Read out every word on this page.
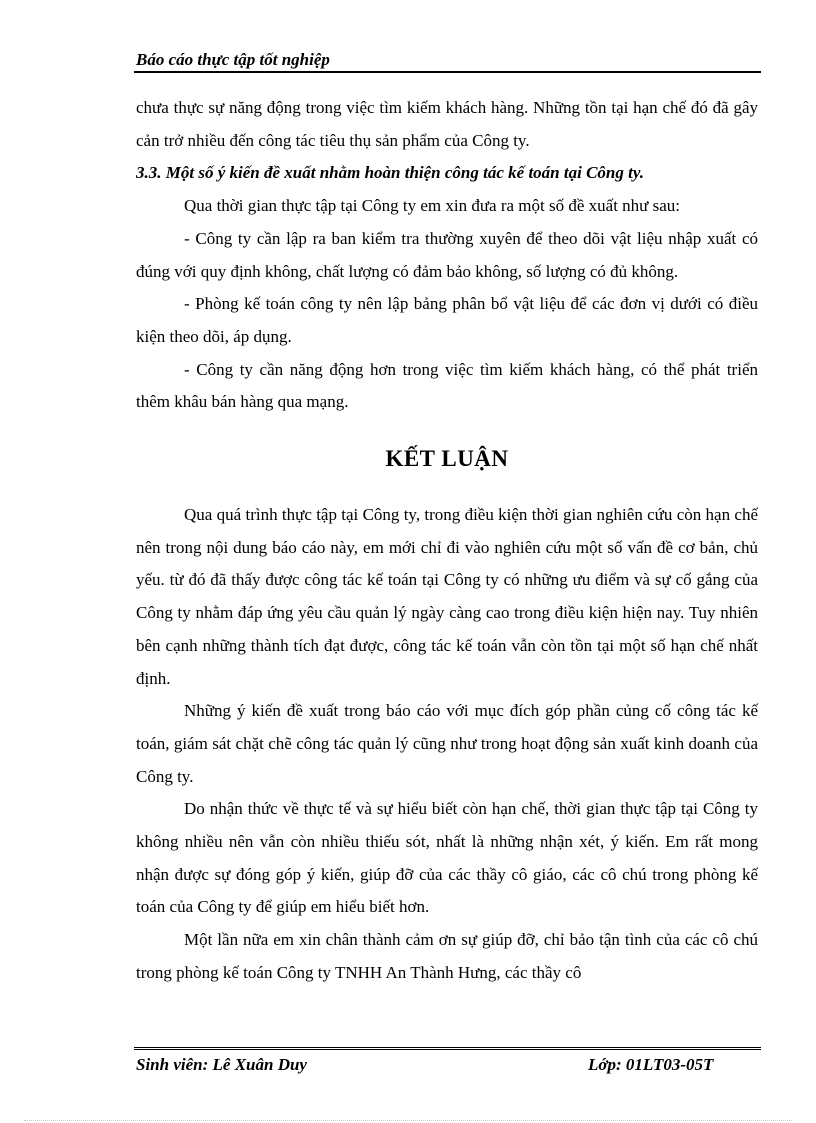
Báo cáo thực tập tốt nghiệp

chưa thực sự năng động trong việc tìm kiếm khách hàng. Những tồn tại hạn chế đó đã gây cản trở nhiều đến công tác tiêu thụ sản phẩm của Công ty.

3.3. Một số ý kiến đề xuất nhằm hoàn thiện công tác kế toán tại Công ty.

Qua thời gian thực tập tại Công ty em xin đưa ra một số đề xuất như sau:

- Công ty cần lập ra ban kiểm tra thường xuyên để theo dõi vật liệu nhập xuất có đúng với quy định không, chất lượng có đảm bảo không, số lượng có đủ không.

- Phòng kế toán công ty nên lập bảng phân bổ vật liệu để các đơn vị dưới có điều kiện theo dõi, áp dụng.

- Công ty cần năng động hơn trong việc tìm kiếm khách hàng, có thể phát triển thêm khâu bán hàng qua mạng.

KẾT LUẬN

Qua quá trình thực tập tại Công ty, trong điều kiện thời gian nghiên cứu còn hạn chế nên trong nội dung báo cáo này, em mới chỉ đi vào nghiên cứu một số vấn đề cơ bản, chủ yếu. từ đó đã thấy được công tác kế toán tại Công ty có những ưu điểm và sự cố gắng của Công ty nhằm đáp ứng yêu cầu quản lý ngày càng cao trong điều kiện hiện nay. Tuy nhiên bên cạnh những thành tích đạt được, công tác kế toán vẫn còn tồn tại một số hạn chế nhất định.

Những ý kiến đề xuất trong báo cáo với mục đích góp phần củng cố công tác kế toán, giám sát chặt chẽ công tác quản lý cũng như trong hoạt động sản xuất kinh doanh của Công ty.

Do nhận thức về thực tế và sự hiểu biết còn hạn chế, thời gian thực tập tại Công ty không nhiều nên vẫn còn nhiều thiếu sót, nhất là những nhận xét, ý kiến. Em rất mong nhận được sự đóng góp ý kiến, giúp đỡ của các thầy cô giáo, các cô chú trong phòng kế toán của Công ty để giúp em hiểu biết hơn.

Một lần nữa em xin chân thành cảm ơn sự giúp đỡ, chỉ bảo tận tình của các cô chú trong phòng kế toán Công ty TNHH An Thành Hưng, các thầy cô

Sinh viên: Lê Xuân Duy	Lớp: 01LT03-05T
